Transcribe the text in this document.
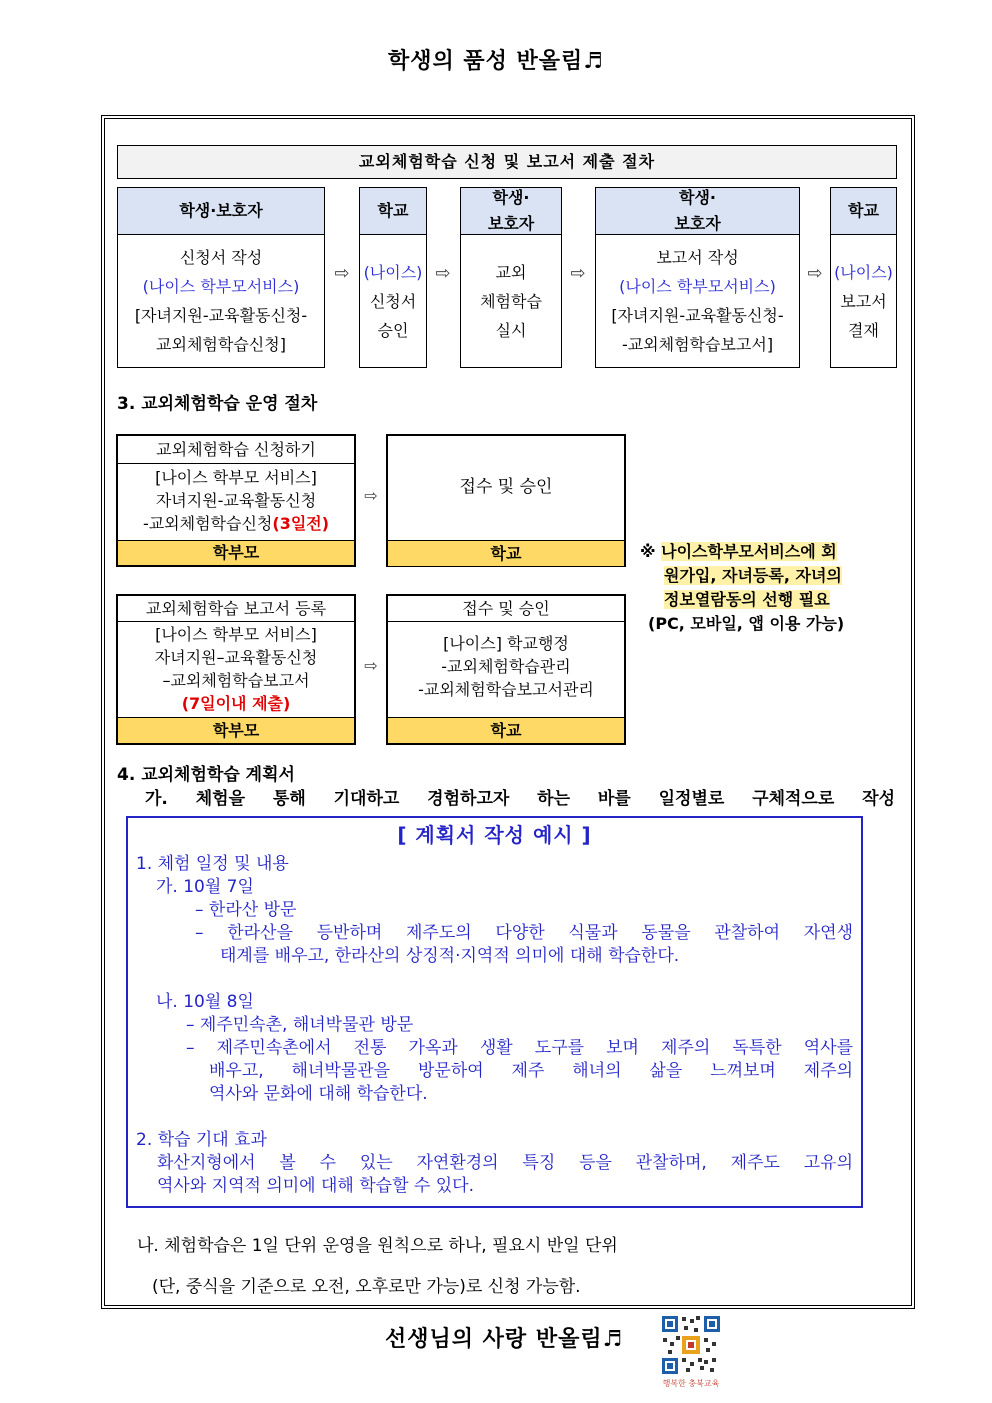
학생의 품성 반올림♬
교외체험학습 신청 및 보고서 제출 절차
학생·보호자
신청서 작성
(나이스 학부모서비스)
[자녀지원-교육활동신청-
교외체험학습신청]
⇨
학교
(나이스)
신청서
승인
⇨
학생·
보호자
교외
체험학습
실시
⇨
학생·
보호자
보고서 작성
(나이스 학부모서비스)
[자녀지원-교육활동신청-
-교외체험학습보고서]
⇨
학교
(나이스)
보고서
결재
3. 교외체험학습 운영 절차
교외체험학습 신청하기
[나이스 학부모 서비스]
자녀지원-교육활동신청
-교외체험학습신청(3일전)
학부모
⇨	접수 및 승인
학교
교외체험학습 보고서 등록
[나이스 학부모 서비스]
자녀지원–교육활동신청
–교외체험학습보고서
(7일이내 제출)
학부모
⇨
접수 및 승인
[나이스] 학교행정
-교외체험학습관리
-교외체험학습보고서관리
학교
※ 나이스학부모서비스에 회
원가입, 자녀등록, 자녀의
정보열람동의 선행 필요
(PC, 모바일, 앱 이용 가능)
4. 교외체험학습 계획서
가. 체험을 통해 기대하고 경험하고자 하는 바를 일정별로 구체적으로 작성
[ 계획서 작성 예시 ]
1. 체험 일정 및 내용
가. 10월 7일
– 한라산 방문
– 한라산을 등반하며 제주도의 다양한 식물과 동물을 관찰하여 자연생
태계를 배우고, 한라산의 상징적·지역적 의미에 대해 학습한다.
나. 10월 8일
– 제주민속촌, 해녀박물관 방문
– 제주민속촌에서 전통 가옥과 생활 도구를 보며 제주의 독특한 역사를
배우고, 해녀박물관을 방문하여 제주 해녀의 삶을 느껴보며 제주의
역사와 문화에 대해 학습한다.
2. 학습 기대 효과
화산지형에서 볼 수 있는 자연환경의 특징 등을 관찰하며, 제주도 고유의
역사와 지역적 의미에 대해 학습할 수 있다.
나. 체험학습은 1일 단위 운영을 원칙으로 하나, 필요시 반일 단위
(단, 중식을 기준으로 오전, 오후로만 가능)로 신청 가능함.
선생님의 사랑 반올림♬
행복한 충북교육
